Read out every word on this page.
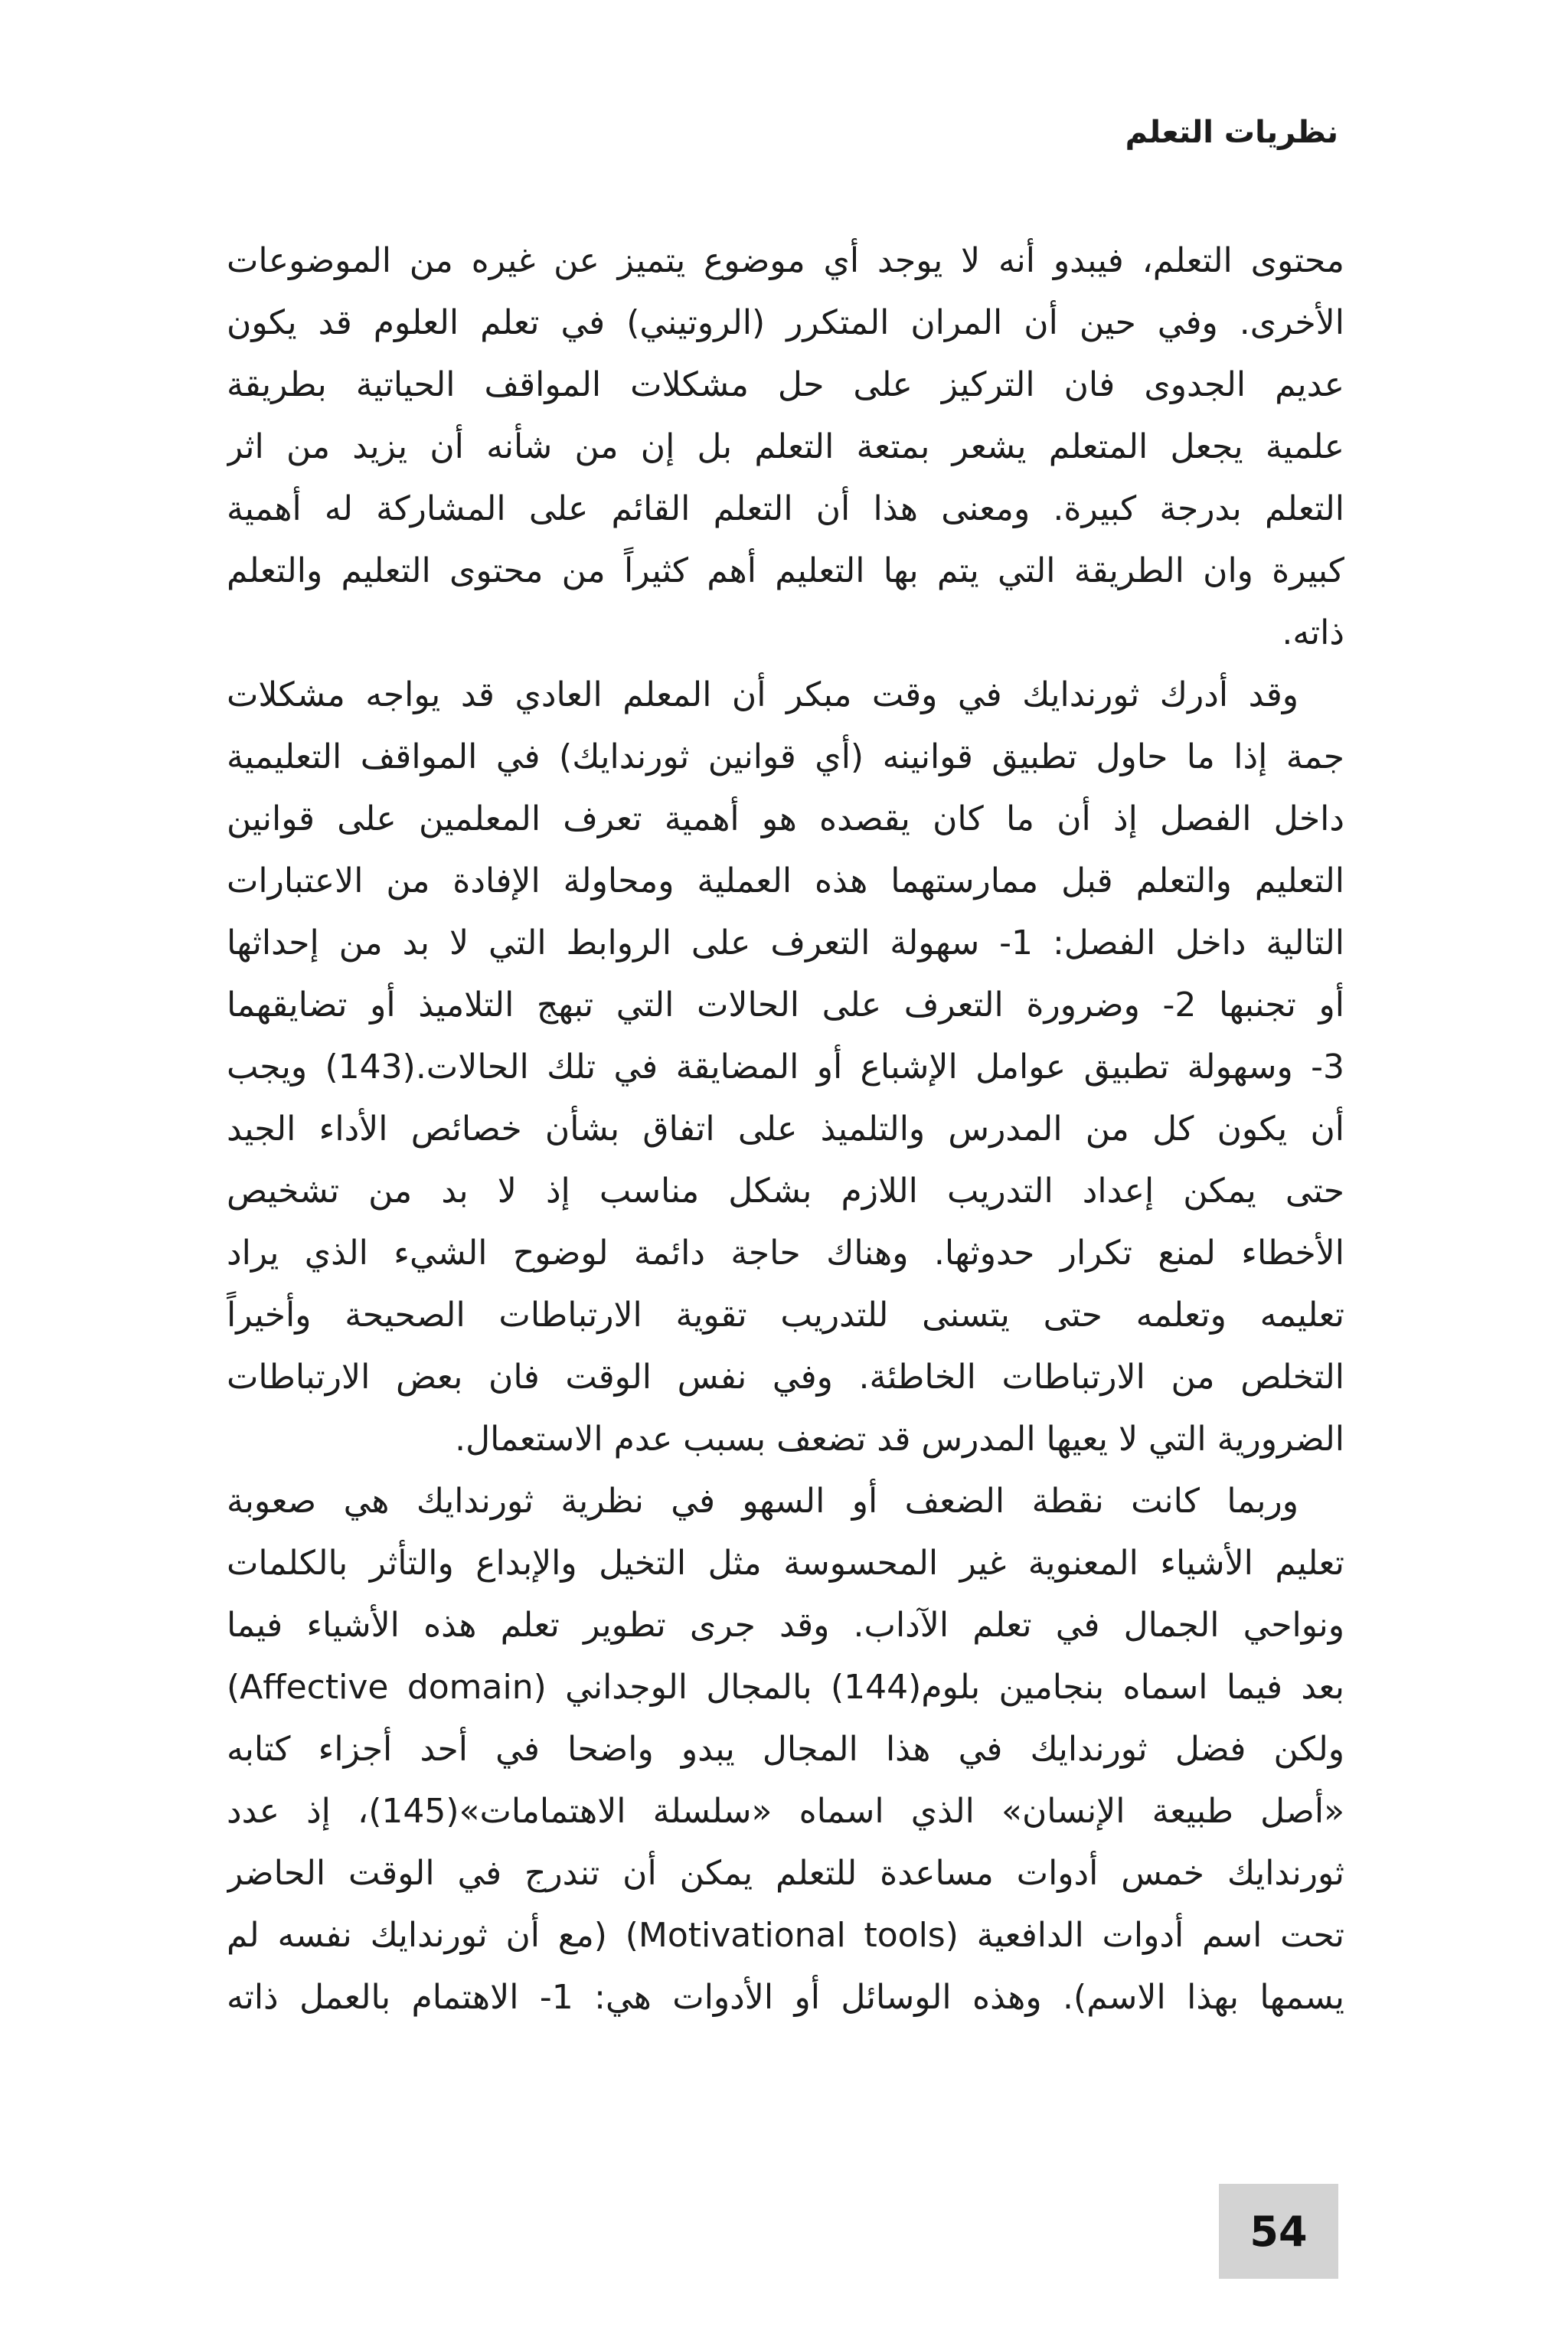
نظريات التعلم
محتوى التعلم، فيبدو أنه لا يوجد أي موضوع يتميز عن غيره من الموضوعات
الأخرى. وفي حين أن المران المتكرر (الروتيني) في تعلم العلوم قد يكون
عديم الجدوى فان التركيز على حل مشكلات المواقف الحياتية بطريقة
علمية يجعل المتعلم يشعر بمتعة التعلم بل إن من شأنه أن يزيد من اثر
التعلم بدرجة كبيرة. ومعنى هذا أن التعلم القائم على المشاركة له أهمية
كبيرة وان الطريقة التي يتم بها التعليم أهم كثيراً من محتوى التعليم والتعلم
ذاته.
وقد أدرك ثورندايك في وقت مبكر أن المعلم العادي قد يواجه مشكلات
جمة إذا ما حاول تطبيق قوانينه (أي قوانين ثورندايك) في المواقف التعليمية
داخل الفصل إذ أن ما كان يقصده هو أهمية تعرف المعلمين على قوانين
التعليم والتعلم قبل ممارستهما هذه العملية ومحاولة الإفادة من الاعتبارات
التالية داخل الفصل: 1- سهولة التعرف على الروابط التي لا بد من إحداثها
أو تجنبها 2- وضرورة التعرف على الحالات التي تبهج التلاميذ أو تضايقهما
3- وسهولة تطبيق عوامل الإشباع أو المضايقة في تلك الحالات.(143) ويجب
أن يكون كل من المدرس والتلميذ على اتفاق بشأن خصائص الأداء الجيد
حتى يمكن إعداد التدريب اللازم بشكل مناسب إذ لا بد من تشخيص
الأخطاء لمنع تكرار حدوثها. وهناك حاجة دائمة لوضوح الشيء الذي يراد
تعليمه وتعلمه حتى يتسنى للتدريب تقوية الارتباطات الصحيحة وأخيراً
التخلص من الارتباطات الخاطئة. وفي نفس الوقت فان بعض الارتباطات
الضرورية التي لا يعيها المدرس قد تضعف بسبب عدم الاستعمال.
وربما كانت نقطة الضعف أو السهو في نظرية ثورندايك هي صعوبة
تعليم الأشياء المعنوية غير المحسوسة مثل التخيل والإبداع والتأثر بالكلمات
ونواحي الجمال في تعلم الآداب. وقد جرى تطوير تعلم هذه الأشياء فيما
بعد فيما اسماه بنجامين بلوم(144) بالمجال الوجداني (Affective domain)
ولكن فضل ثورندايك في هذا المجال يبدو واضحا في أحد أجزاء كتابه
«أصل طبيعة الإنسان» الذي اسماه «سلسلة الاهتمامات»(145)، إذ عدد
ثورندايك خمس أدوات مساعدة للتعلم يمكن أن تندرج في الوقت الحاضر
تحت اسم أدوات الدافعية (Motivational tools) (مع أن ثورندايك نفسه لم
يسمها بهذا الاسم). وهذه الوسائل أو الأدوات هي: 1- الاهتمام بالعمل ذاته
54
